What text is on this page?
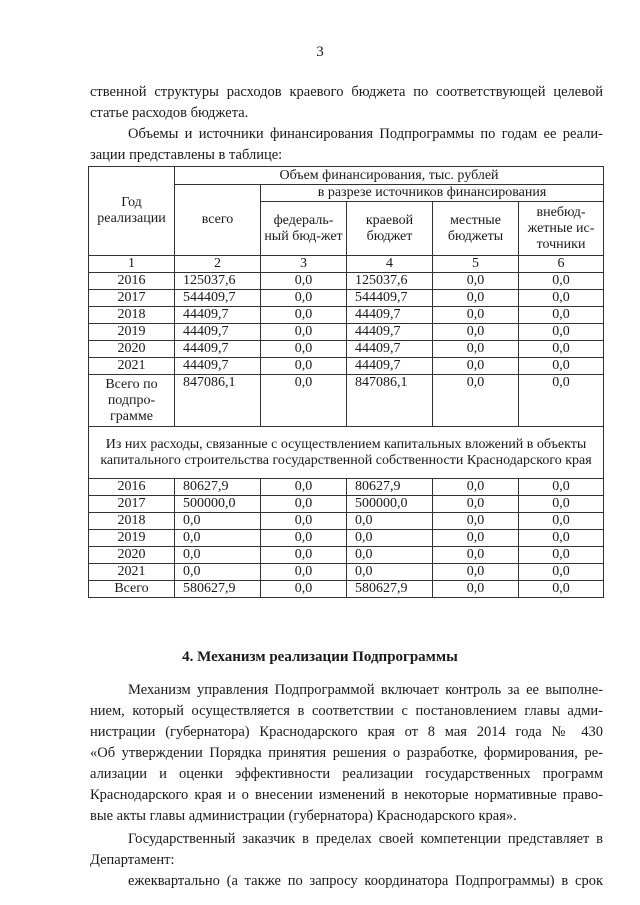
3
ственной структуры расходов краевого бюджета по соответствующей целевой
статье расходов бюджета.
Объемы и источники финансирования Подпрограммы по годам ее реали-
зации представлены в таблице:
Год реализации	Объем финансирования, тыс. рублей				
	всего	в разрезе источников финансирования			
		федераль-ный бюд-жет	краевой бюджет	местные бюджеты	внебюд-жетные ис-точники
1	2	3	4	5	6
2016	125037,6	0,0	125037,6	0,0	0,0
2017	544409,7	0,0	544409,7	0,0	0,0
2018	44409,7	0,0	44409,7	0,0	0,0
2019	44409,7	0,0	44409,7	0,0	0,0
2020	44409,7	0,0	44409,7	0,0	0,0
2021	44409,7	0,0	44409,7	0,0	0,0
Всего по подпро-грамме	847086,1	0,0	847086,1	0,0	0,0
Из них расходы, связанные с осуществлением капитальных вложений в объекты капитального строительства государственной собственности Краснодарского края					
2016	80627,9	0,0	80627,9	0,0	0,0
2017	500000,0	0,0	500000,0	0,0	0,0
2018	0,0	0,0	0,0	0,0	0,0
2019	0,0	0,0	0,0	0,0	0,0
2020	0,0	0,0	0,0	0,0	0,0
2021	0,0	0,0	0,0	0,0	0,0
Всего	580627,9	0,0	580627,9	0,0	0,0
4. Механизм реализации Подпрограммы
Механизм управления Подпрограммой включает контроль за ее выполне-
нием, который осуществляется в соответствии с постановлением главы адми-
нистрации (губернатора) Краснодарского края от 8 мая 2014 года № 430
«Об утверждении Порядка принятия решения о разработке, формирования, ре-
ализации и оценки эффективности реализации государственных программ
Краснодарского края и о внесении изменений в некоторые нормативные право-
вые акты главы администрации (губернатора) Краснодарского края».
Государственный заказчик в пределах своей компетенции представляет в
Департамент:
ежеквартально (а также по запросу координатора Подпрограммы) в срок
